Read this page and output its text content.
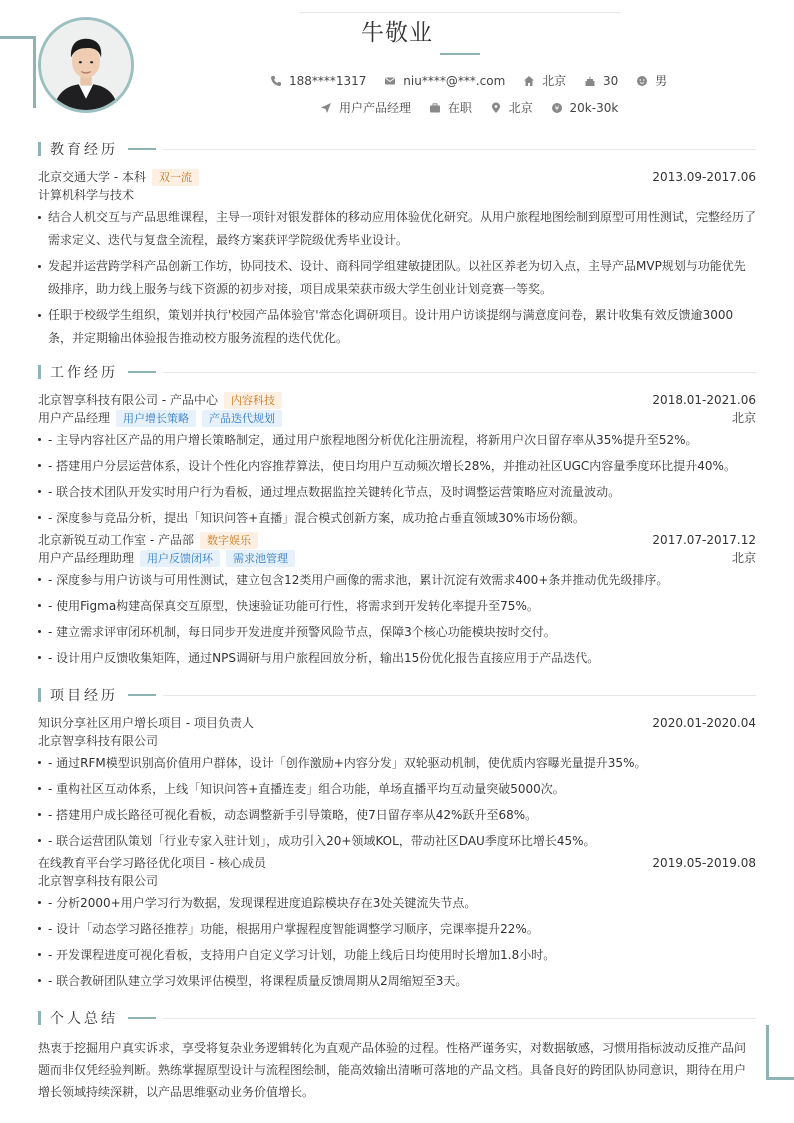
牛敬业
188****1317
	niu****@***.com
	北京
	30
	男
用户产品经理
	在职
	北京
	¥ 20k-30k
教育经历
北京交通大学 - 本科	双一流	2013.09-2017.06
计算机科学与技术
结合人机交互与产品思维课程，主导一项针对银发群体的移动应用体验优化研究。从用户旅程地图绘制到原型可用性测试，完整经历了需求定义、迭代与复盘全流程，最终方案获评学院级优秀毕业设计。
发起并运营跨学科产品创新工作坊，协同技术、设计、商科同学组建敏捷团队。以社区养老为切入点，主导产品MVP规划与功能优先级排序，助力线上服务与线下资源的初步对接，项目成果荣获市级大学生创业计划竞赛一等奖。
任职于校级学生组织，策划并执行'校园产品体验官'常态化调研项目。设计用户访谈提纲与满意度问卷，累计收集有效反馈逾3000条，并定期输出体验报告推动校方服务流程的迭代优化。
工作经历
北京智享科技有限公司 - 产品中心	内容科技	2018.01-2021.06
用户产品经理	用户增长策略	产品迭代规划	北京
- 主导内容社区产品的用户增长策略制定，通过用户旅程地图分析优化注册流程，将新用户次日留存率从35%提升至52%。
- 搭建用户分层运营体系，设计个性化内容推荐算法，使日均用户互动频次增长28%，并推动社区UGC内容量季度环比提升40%。
- 联合技术团队开发实时用户行为看板，通过埋点数据监控关键转化节点，及时调整运营策略应对流量波动。
- 深度参与竞品分析，提出「知识问答+直播」混合模式创新方案，成功抢占垂直领域30%市场份额。
北京新锐互动工作室 - 产品部	数字娱乐	2017.07-2017.12
用户产品经理助理	用户反馈闭环	需求池管理	北京
- 深度参与用户访谈与可用性测试，建立包含12类用户画像的需求池，累计沉淀有效需求400+条并推动优先级排序。
- 使用Figma构建高保真交互原型，快速验证功能可行性，将需求到开发转化率提升至75%。
- 建立需求评审闭环机制，每日同步开发进度并预警风险节点，保障3个核心功能模块按时交付。
- 设计用户反馈收集矩阵，通过NPS调研与用户旅程回放分析，输出15份优化报告直接应用于产品迭代。
项目经历
知识分享社区用户增长项目 - 项目负责人	2020.01-2020.04
北京智享科技有限公司
- 通过RFM模型识别高价值用户群体，设计「创作激励+内容分发」双轮驱动机制，使优质内容曝光量提升35%。
- 重构社区互动体系，上线「知识问答+直播连麦」组合功能，单场直播平均互动量突破5000次。
- 搭建用户成长路径可视化看板，动态调整新手引导策略，使7日留存率从42%跃升至68%。
- 联合运营团队策划「行业专家入驻计划」，成功引入20+领域KOL，带动社区DAU季度环比增长45%。
在线教育平台学习路径优化项目 - 核心成员	2019.05-2019.08
北京智享科技有限公司
- 分析2000+用户学习行为数据，发现课程进度追踪模块存在3处关键流失节点。
- 设计「动态学习路径推荐」功能，根据用户掌握程度智能调整学习顺序，完课率提升22%。
- 开发课程进度可视化看板，支持用户自定义学习计划，功能上线后日均使用时长增加1.8小时。
- 联合教研团队建立学习效果评估模型，将课程质量反馈周期从2周缩短至3天。
个人总结
热衷于挖掘用户真实诉求，享受将复杂业务逻辑转化为直观产品体验的过程。性格严谨务实，对数据敏感，习惯用指标波动反推产品问题而非仅凭经验判断。熟练掌握原型设计与流程图绘制，能高效输出清晰可落地的产品文档。具备良好的跨团队协同意识，期待在用户增长领域持续深耕，以产品思维驱动业务价值增长。
